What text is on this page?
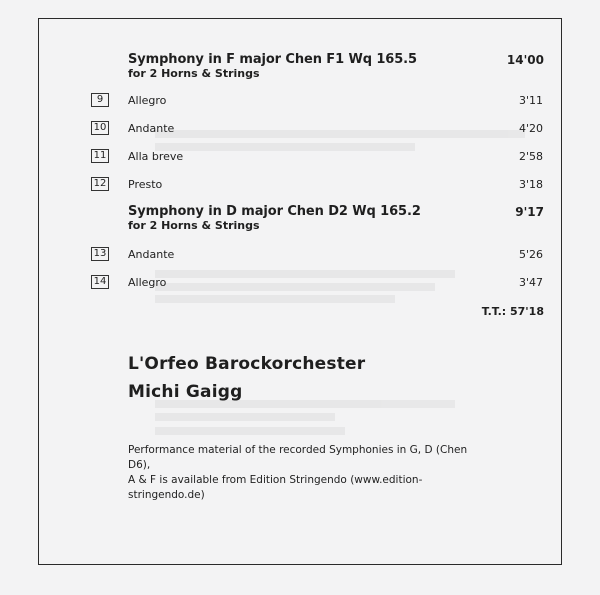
Symphony in F major Chen F1 Wq 165.5
for 2 Horns & Strings
14'00
9	Allegro	3'11
10 Andante	4'20
11 Alla breve	2'58
12 Presto	3'18
Symphony in D major Chen D2 Wq 165.2
for 2 Horns & Strings
9'17
13 Andante	5'26
14 Allegro	3'47
T.T.: 57'18
L'Orfeo Barockorchester
Michi Gaigg
Performance material of the recorded Symphonies in G, D (Chen D6),
A & F is available from Edition Stringendo (www.edition-stringendo.de)
